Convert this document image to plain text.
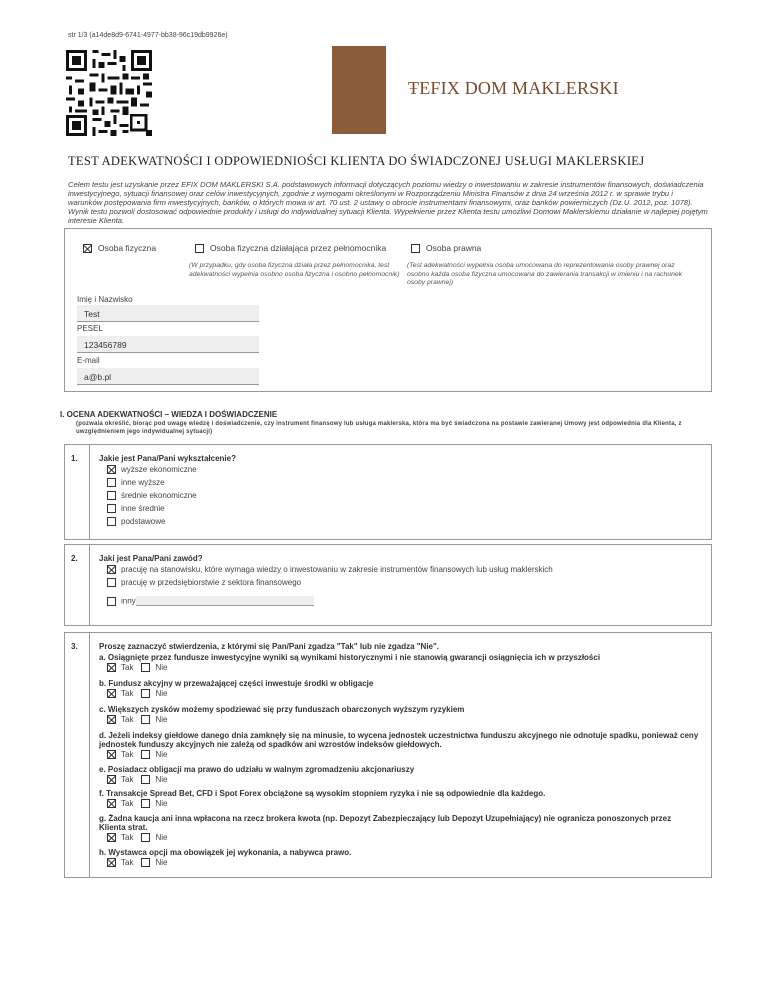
str 1/3 (a14de8d9-6741-4977-bb38-96c19db9926e)
ŦEFIX DOM MAKLERSKI
TEST ADEKWATNOŚCI I ODPOWIEDNIOŚCI KLIENTA DO ŚWIADCZONEJ USŁUGI MAKLERSKIEJ
Celem testu jest uzyskanie przez EFIX DOM MAKLERSKI S.A. podstawowych informacji dotyczących poziomu wiedzy o inwestowaniu w zakresie instrumentów finansowych, doświadczenia inwestycyjnego, sytuacji finansowej oraz celów inwestycyjnych, zgodnie z wymogami określonymi w Rozporządzeniu Ministra Finansów z dnia 24 września 2012 r. w sprawie trybu i warunków postępowania firm inwestycyjnych, banków, o których mowa w art. 70 ust. 2 ustawy o obrocie instrumentami finansowymi, oraz banków powierniczych (Dz.U. 2012, poz. 1078). Wynik testu pozwoli dostosować odpowiednie produkty i usługi do indywidualnej sytuacji Klienta. Wypełnienie przez Klienta testu umożliwi Domowi Maklerskiemu działanie w najlepiej pojętym interesie Klienta.
Osoba fizyczna	Osoba fizyczna działająca przez pełnomocnika	Osoba prawna
(W przypadku, gdy osoba fizyczna działa przez pełnomocnika, test adekwatności wypełnia osobno osoba fizyczna i osobno pełnomocnik)
(Test adekwatności wypełnia osoba umocowana do reprezentowania osoby prawnej oraz osobno każda osoba fizyczna umocowana do zawierania transakcji w imieniu i na rachunek osoby prawnej)
Imię i Nazwisko
Test
PESEL
123456789
E-mail
a@b.pl
I. OCENA ADEKWATNOŚCI – WIEDZA I DOŚWIADCZENIE
(pozwala określić, biorąc pod uwagę wiedzę i doświadczenie, czy instrument finansowy lub usługa maklerska, która ma być świadczona na postawie zawieranej Umowy jest odpowiednia dla Klienta, z uwzględnieniem jego indywidualnej sytuacji)
1.	Jakie jest Pana/Pani wykształcenie?
wyższe ekonomiczne
inne wyższe
średnie ekonomiczne
inne średnie
podstawowe
2.	Jaki jest Pana/Pani zawód?
pracuję na stanowisku, które wymaga wiedzy o inwestowaniu w zakresie instrumentów finansowych lub usług maklerskich
pracuję w przedsiębiorstwie z sektora finansowego
inny
3.	Proszę zaznaczyć stwierdzenia, z którymi się Pan/Pani zgadza "Tak" lub nie zgadza "Nie".
a. Osiągnięte przez fundusze inwestycyjne wyniki są wynikami historycznymi i nie stanowią gwarancji osiągnięcia ich w przyszłości
Tak	Nie
b. Fundusz akcyjny w przeważającej części inwestuje środki w obligacje
Tak	Nie
c. Większych zysków możemy spodziewać się przy funduszach obarczonych wyższym ryzykiem
Tak	Nie
d. Jeżeli indeksy giełdowe danego dnia zamknęły się na minusie, to wycena jednostek uczestnictwa funduszu akcyjnego nie odnotuje spadku, ponieważ ceny jednostek funduszy akcyjnych nie zależą od spadków ani wzrostów indeksów giełdowych.
Tak	Nie
e. Posiadacz obligacji ma prawo do udziału w walnym zgromadzeniu akcjonariuszy
Tak	Nie
f. Transakcje Spread Bet, CFD i Spot Forex obciążone są wysokim stopniem ryzyka i nie są odpowiednie dla każdego.
Tak	Nie
g. Żadna kaucja ani inna wpłacona na rzecz brokera kwota (np. Depozyt Zabezpieczający lub Depozyt Uzupełniający) nie ogranicza ponoszonych przez Klienta strat.
Tak	Nie
h. Wystawca opcji ma obowiązek jej wykonania, a nabywca prawo.
Tak	Nie
